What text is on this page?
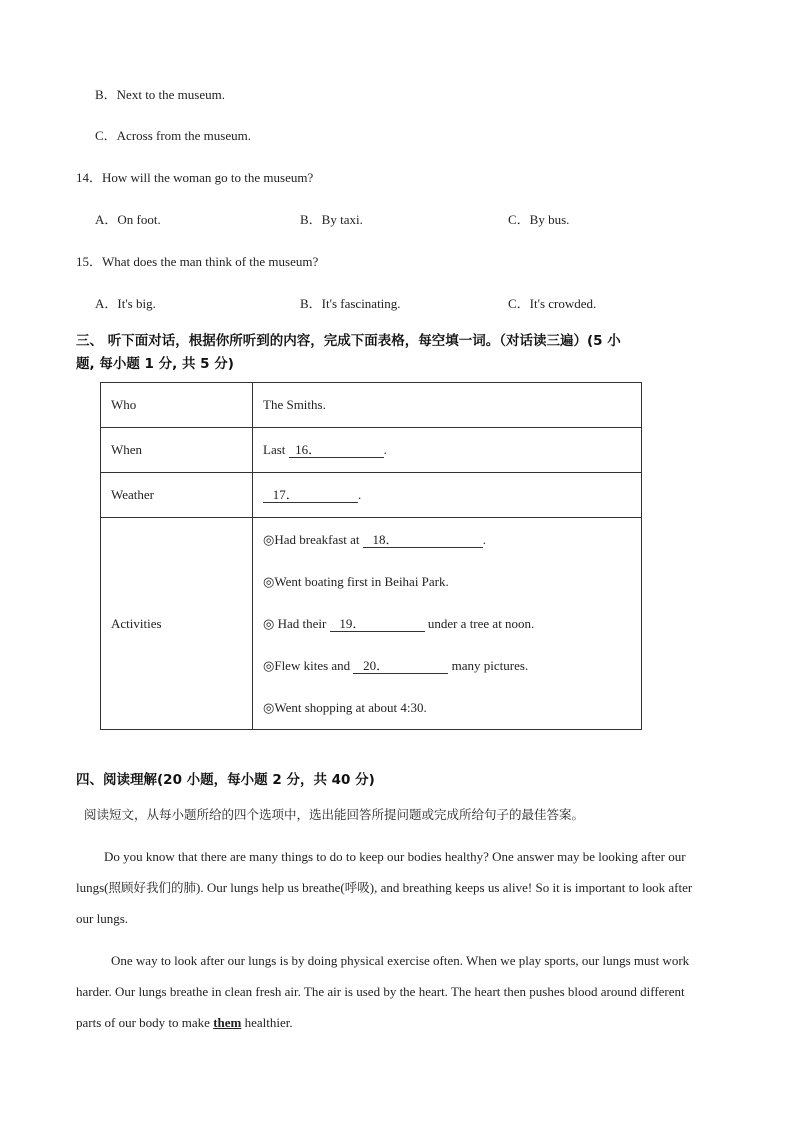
B．Next to the museum.
C．Across from the museum.
14．How will the woman go to the museum?
A．On foot.	B．By taxi.	C．By bus.
15．What does the man think of the museum?
A．It's big.	B．It's fascinating.	C．It's crowded.
三、 听下面对话，根据你所听到的内容，完成下面表格，每空填一词。（对话读三遍）(5 小
题, 每小题 1 分, 共 5 分)
Who	The Smiths.
When	Last   16． .
Weather	17． .
Activities	◎Had breakfast at    18． .
◎Went boating first in Beihai Park.
◎ Had their    19． under a tree at noon.
◎Flew kites and    20． many pictures.
◎Went shopping at about 4:30.
四、阅读理解(20 小题，每小题 2 分，共 40 分)
阅读短文，从每小题所给的四个选项中，选出能回答所提问题或完成所给句子的最佳答案。
Do you know that there are many things to do to keep our bodies healthy? One answer may be looking after our lungs(照顾好我们的肺). Our lungs help us breathe(呼吸), and breathing keeps us alive! So it is important to look after our lungs.
One way to look after our lungs is by doing physical exercise often. When we play sports, our lungs must work harder. Our lungs breathe in clean fresh air. The air is used by the heart. The heart then pushes blood around different parts of our body to make them healthier.
